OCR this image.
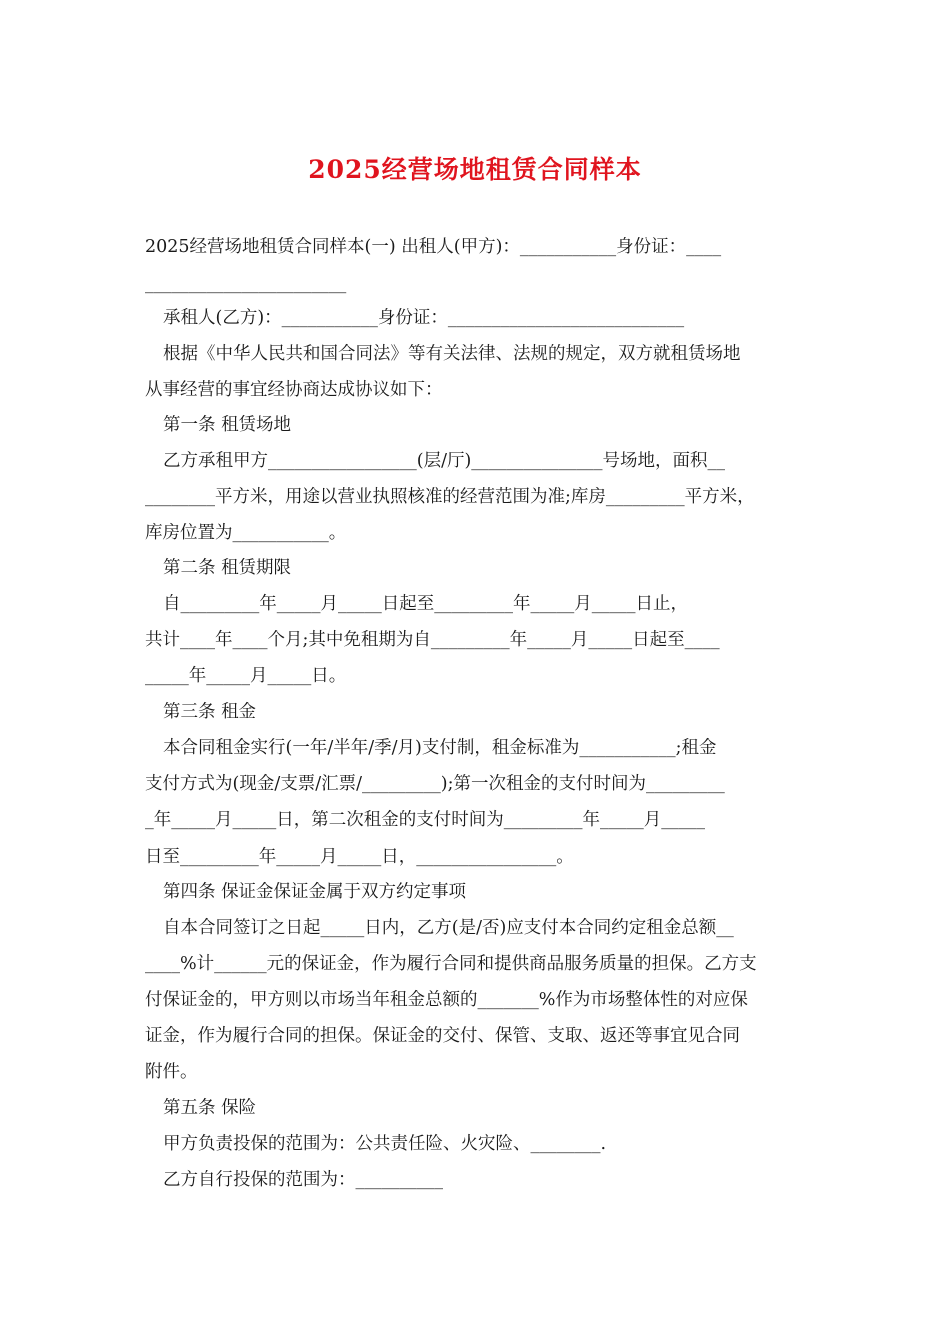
2025经营场地租赁合同样本
2025经营场地租赁合同样本(一) 出租人(甲方)：___________身份证：____
_______________________
承租人(乙方)：___________身份证：___________________________
根据《中华人民共和国合同法》等有关法律、法规的规定，双方就租赁场地
从事经营的事宜经协商达成协议如下：
第一条 租赁场地
乙方承租甲方_________________(层/厅)_______________号场地，面积__
________平方米，用途以营业执照核准的经营范围为准;库房_________平方米，
库房位置为___________。
第二条 租赁期限
自_________年_____月_____日起至_________年_____月_____日止，
共计____年____个月;其中免租期为自_________年_____月_____日起至____
_____年_____月_____日。
第三条 租金
本合同租金实行(一年/半年/季/月)支付制，租金标准为___________;租金
支付方式为(现金/支票/汇票/_________);第一次租金的支付时间为_________
_年_____月_____日，第二次租金的支付时间为_________年_____月_____
日至_________年_____月_____日，________________。
第四条 保证金保证金属于双方约定事项
自本合同签订之日起_____日内，乙方(是/否)应支付本合同约定租金总额__
____%计______元的保证金，作为履行合同和提供商品服务质量的担保。乙方支
付保证金的，甲方则以市场当年租金总额的_______%作为市场整体性的对应保
证金，作为履行合同的担保。保证金的交付、保管、支取、返还等事宜见合同
附件。
第五条 保险
甲方负责投保的范围为：公共责任险、火灾险、________.
乙方自行投保的范围为：__________
